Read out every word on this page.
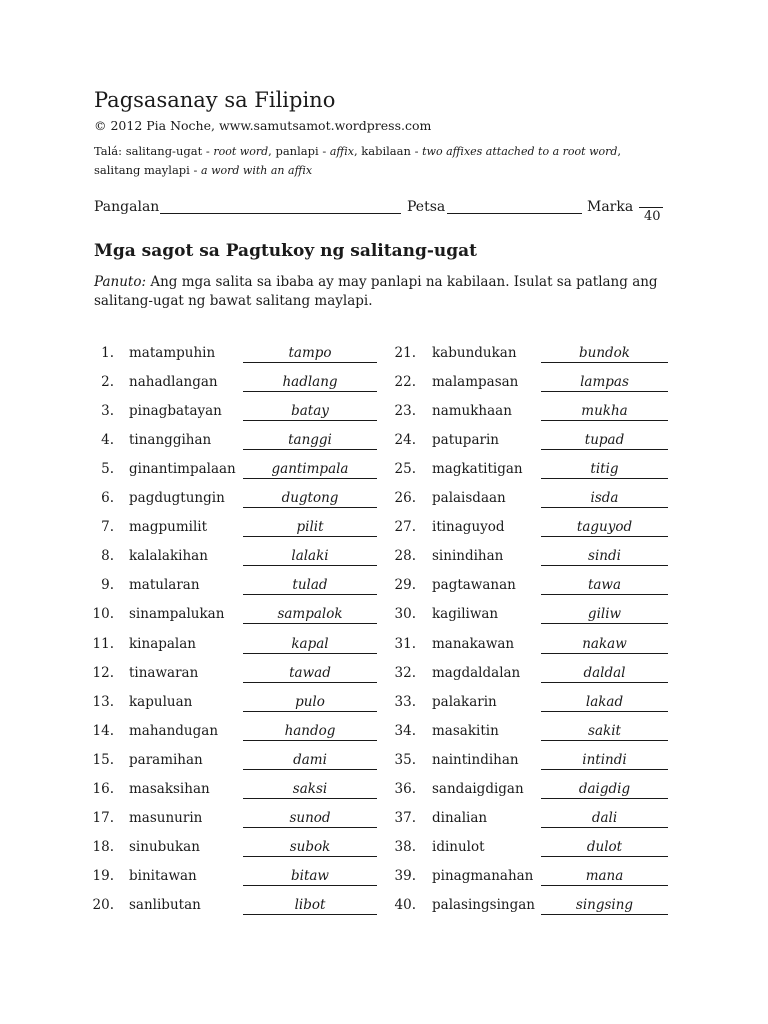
Pagsasanay sa Filipino
© 2012 Pia Noche, www.samutsamot.wordpress.com
Talá: salitang-ugat - root word, panlapi - affix, kabilaan - two affixes attached to a root word,
salitang maylapi - a word with an affix
Pangalan	Petsa	Marka
40
Mga sagot sa Pagtukoy ng salitang-ugat
Panuto: Ang mga salita sa ibaba ay may panlapi na kabilaan. Isulat sa patlang ang salitang-ugat ng bawat salitang maylapi.
1. matampuhin	tampo
2. nahadlangan	hadlang
3. pinagbatayan	batay
4. tinanggihan	tanggi
5. ginantimpalaan	gantimpala
6. pagdugtungin	dugtong
7. magpumilit	pilit
8. kalalakihan	lalaki
9. matularan	tulad
10. sinampalukan	sampalok
11. kinapalan	kapal
12. tinawaran	tawad
13. kapuluan	pulo
14. mahandugan	handog
15. paramihan	dami
16. masaksihan	saksi
17. masunurin	sunod
18. sinubukan	subok
19. binitawan	bitaw
20. sanlibutan	libot
21. kabundukan	bundok
22. malampasan	lampas
23. namukhaan	mukha
24. patuparin	tupad
25. magkatitigan	titig
26. palaisdaan	isda
27. itinaguyod	taguyod
28. sinindihan	sindi
29. pagtawanan	tawa
30. kagiliwan	giliw
31. manakawan	nakaw
32. magdaldalan	daldal
33. palakarin	lakad
34. masakitin	sakit
35. naintindihan	intindi
36. sandaigdigan	daigdig
37. dinalian	dali
38. idinulot	dulot
39. pinagmanahan	mana
40. palasingsingan	singsing
